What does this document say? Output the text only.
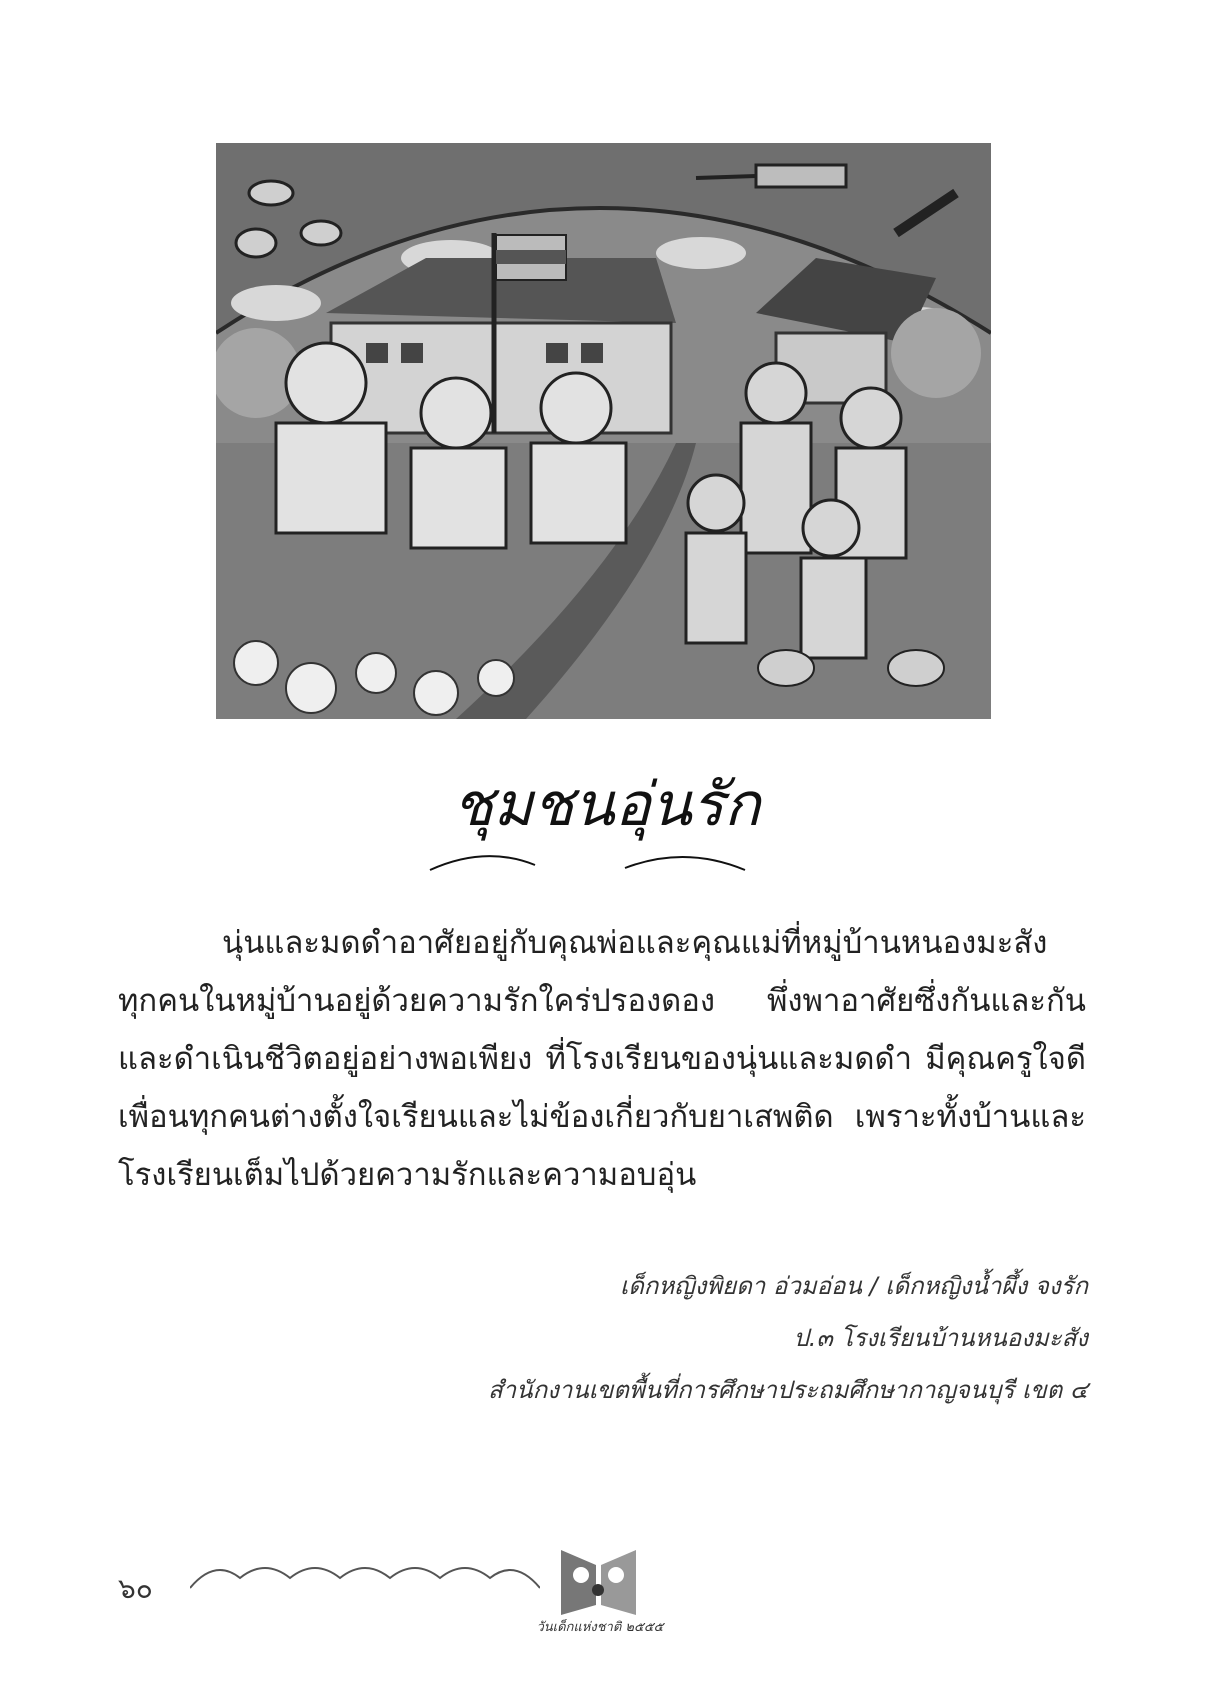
ชุมชนอุ่นรัก
นุ่นและมดดำอาศัยอยู่กับคุณพ่อและคุณแม่ที่หมู่บ้านหนองมะสัง ทุกคนในหมู่บ้านอยู่ด้วยความรักใคร่ปรองดอง พึ่งพาอาศัยซึ่งกันและกัน และดำเนินชีวิตอยู่อย่างพอเพียง ที่โรงเรียนของนุ่นและมดดำ มีคุณครูใจดี เพื่อนทุกคนต่างตั้งใจเรียนและไม่ข้องเกี่ยวกับยาเสพติด เพราะทั้งบ้านและโรงเรียนเต็มไปด้วยความรักและความอบอุ่น
เด็กหญิงพิยดา อ่วมอ่อน / เด็กหญิงน้ำผึ้ง จงรัก
ป.๓ โรงเรียนบ้านหนองมะสัง
สำนักงานเขตพื้นที่การศึกษาประถมศึกษากาญจนบุรี เขต ๔
๖๐
วันเด็กแห่งชาติ ๒๕๕๕
